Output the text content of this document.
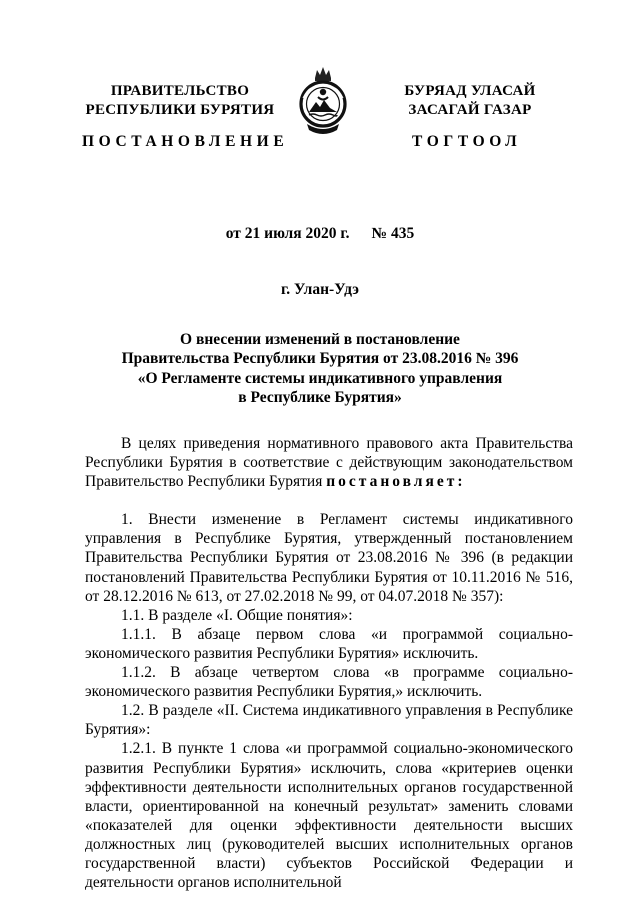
ПРАВИТЕЛЬСТВО
РЕСПУБЛИКИ БУРЯТИЯ
БУРЯАД УЛАСАЙ
ЗАСАГАЙ ГАЗАР
ПОСТАНОВЛЕНИЕ	ТОГТООЛ
от 21 июля 2020 г. № 435
г. Улан-Удэ
О внесении изменений в постановление
Правительства Республики Бурятия от 23.08.2016 № 396
«О Регламенте системы индикативного управления
в Республике Бурятия»

В целях приведения нормативного правового акта Правительства Республики Бурятия в соответствие с действующим законодательством Правительство Республики Бурятия постановляет:

1. Внести изменение в Регламент системы индикативного управления в Республике Бурятия, утвержденный постановлением Правительства Республики Бурятия от 23.08.2016 № 396 (в редакции постановлений Правительства Республики Бурятия от 10.11.2016 № 516, от 28.12.2016 № 613, от 27.02.2018 № 99, от 04.07.2018 № 357):

1.1. В разделе «I. Общие понятия»:

1.1.1. В абзаце первом слова «и программой социально-экономического развития Республики Бурятия» исключить.

1.1.2. В абзаце четвертом слова «в программе социально-экономического развития Республики Бурятия,» исключить.

1.2. В разделе «II. Система индикативного управления в Республике Бурятия»:

1.2.1. В пункте 1 слова «и программой социально-экономического развития Республики Бурятия» исключить, слова «критериев оценки эффективности деятельности исполнительных органов государственной власти, ориентированной на конечный результат» заменить словами «показателей для оценки эффективности деятельности высших должностных лиц (руководителей высших исполнительных органов государственной власти) субъектов Российской Федерации и деятельности органов исполнительной
